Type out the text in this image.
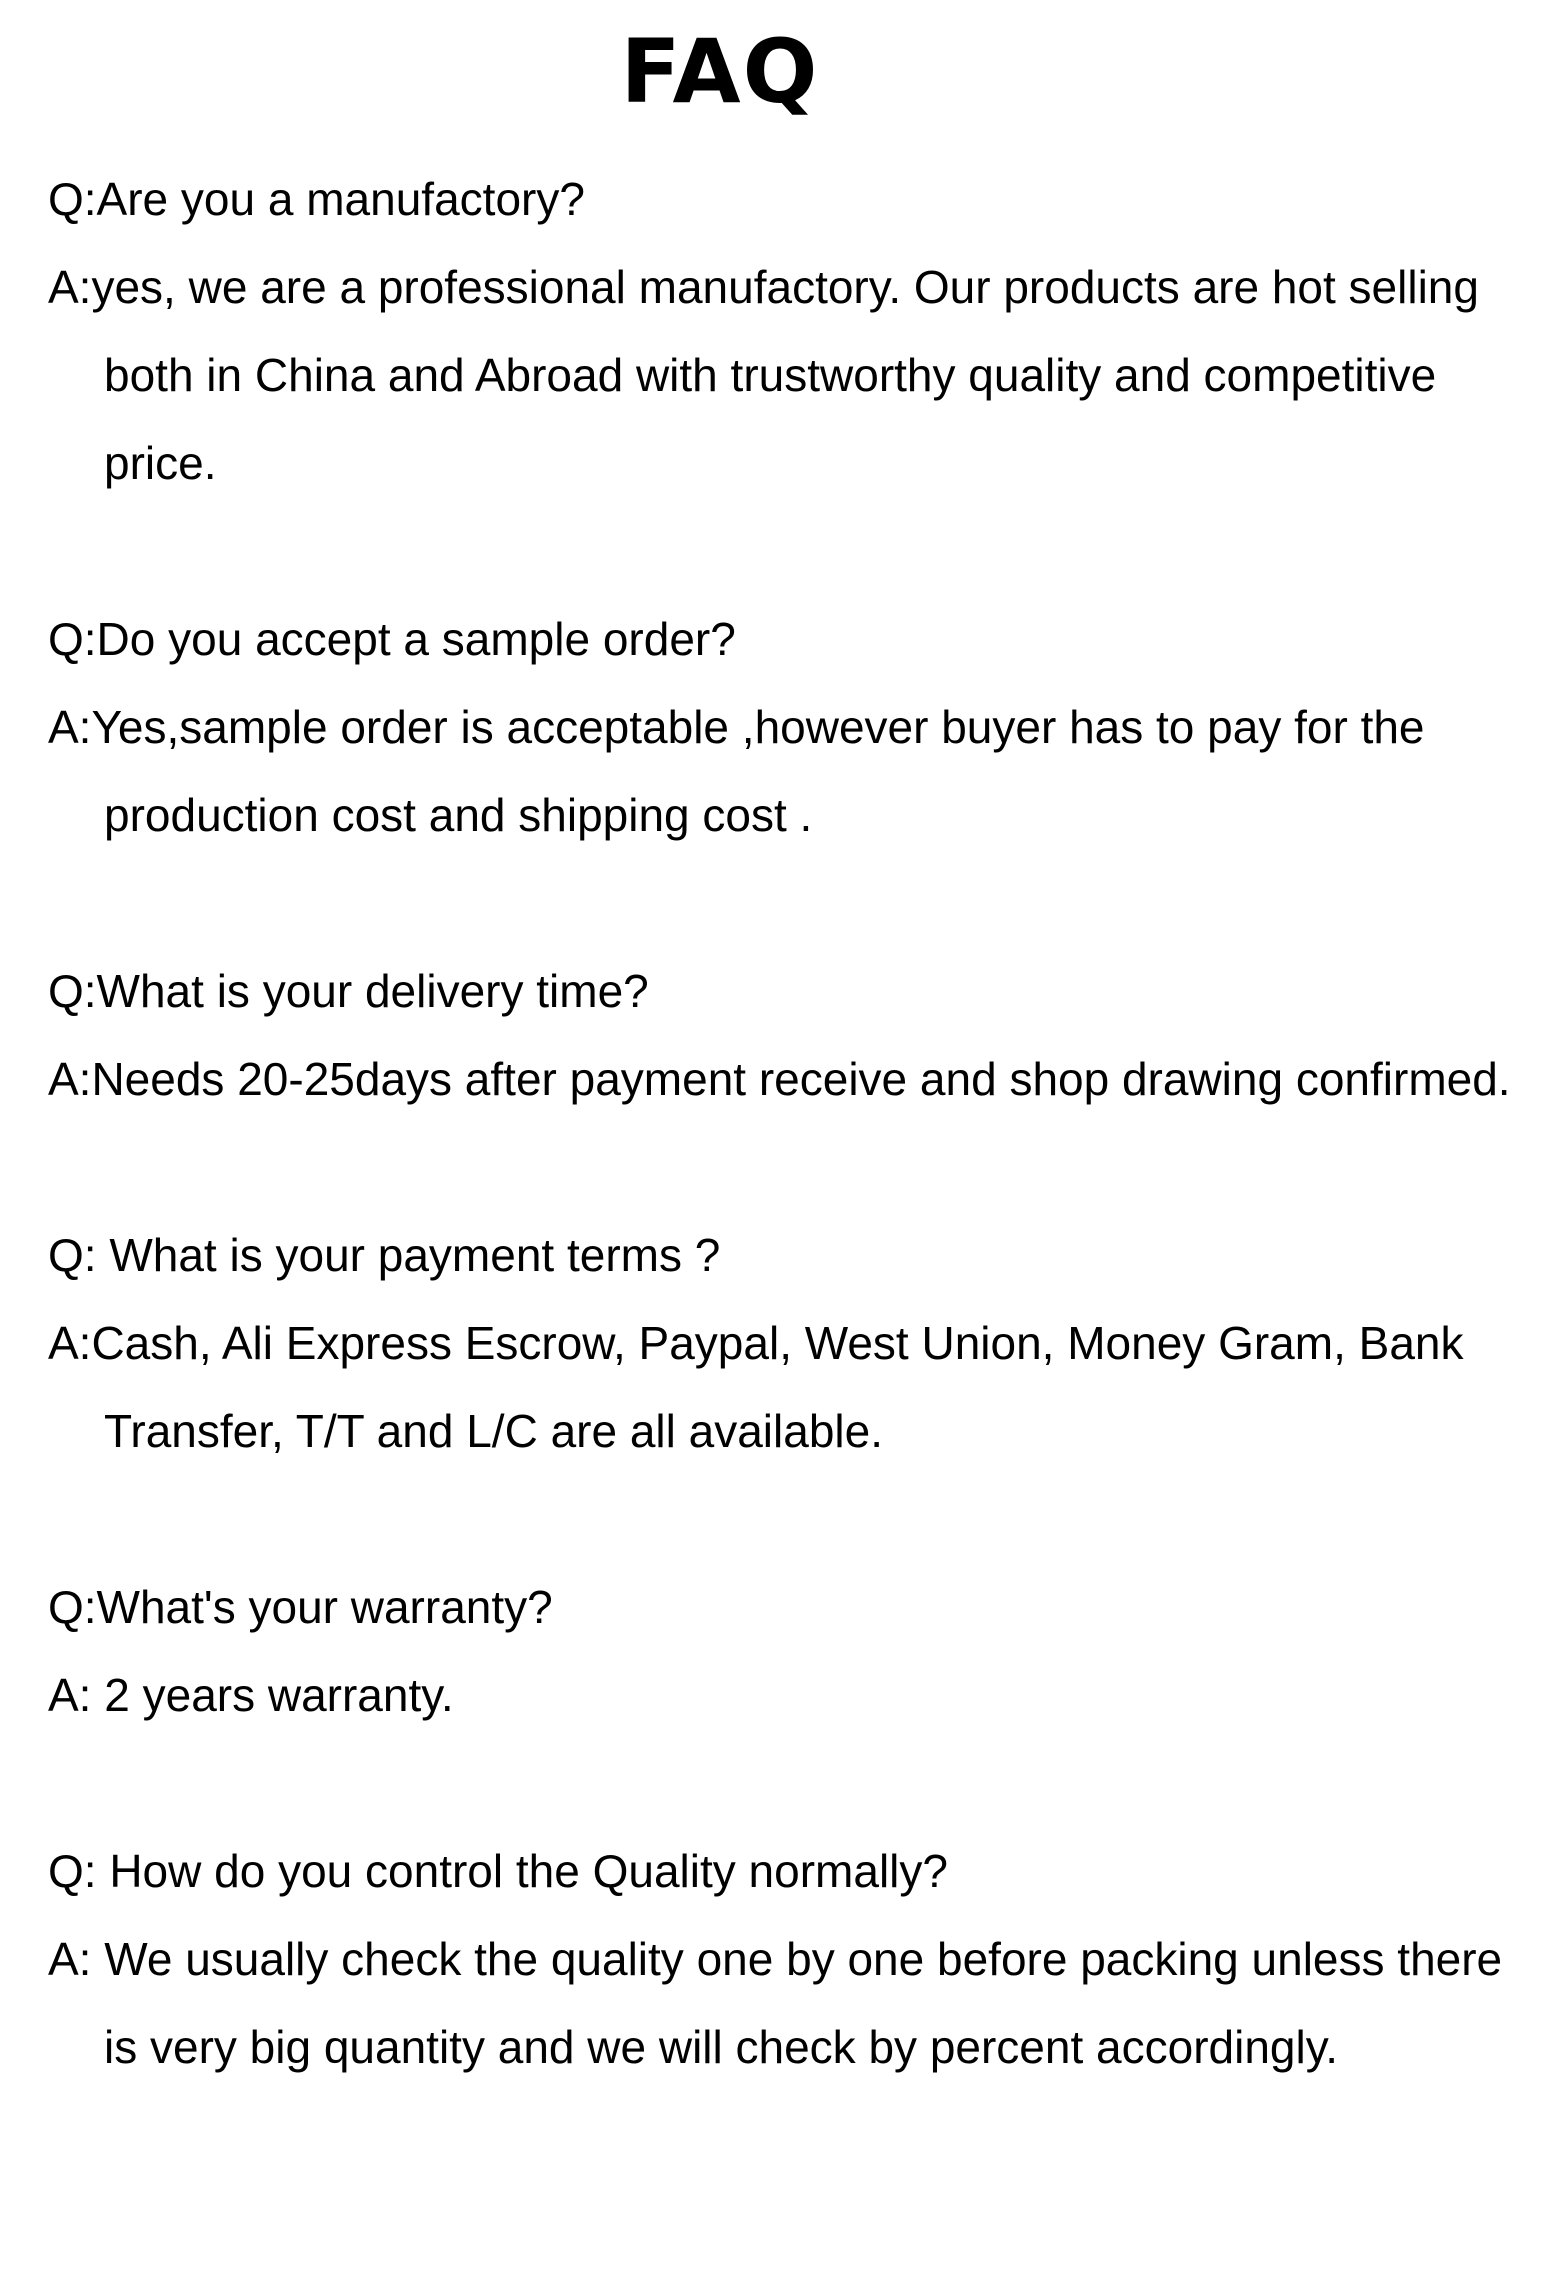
FAQ
Q:Are you a manufactory?
A:yes, we are a professional manufactory. Our products are hot selling both in China and Abroad with trustworthy quality and competitive price.
Q:Do you accept a sample order?
A:Yes,sample order is acceptable ,however buyer has to pay for the production cost and shipping cost .
Q:What is your delivery time?
A:Needs 20-25days after payment receive and shop drawing confirmed.
Q: What is your payment terms ?
A:Cash, Ali Express Escrow, Paypal, West Union, Money Gram, Bank Transfer, T/T and L/C are all available.
Q:What's your warranty?
A: 2 years warranty.
Q: How do you control the Quality normally?
A: We usually check the quality one by one before packing unless there is very big quantity and we will check by percent accordingly.
